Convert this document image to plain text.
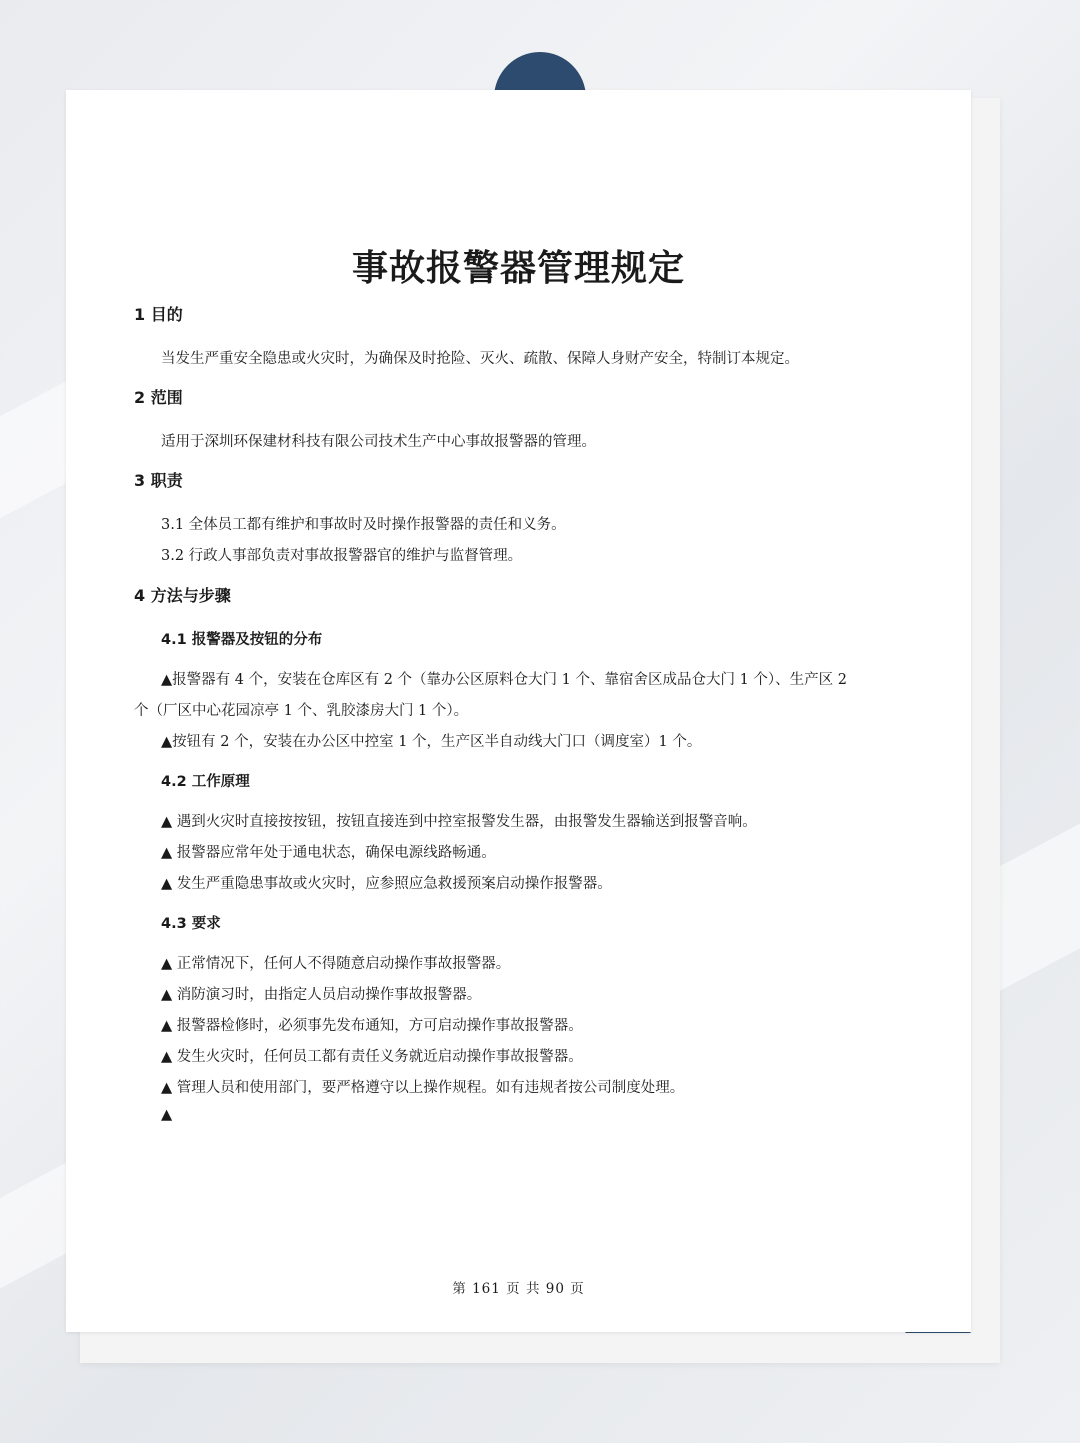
事故报警器管理规定
1 目的
当发生严重安全隐患或火灾时，为确保及时抢险、灭火、疏散、保障人身财产安全，特制订本规定。
2 范围
适用于深圳环保建材科技有限公司技术生产中心事故报警器的管理。
3 职责
3.1 全体员工都有维护和事故时及时操作报警器的责任和义务。
3.2 行政人事部负责对事故报警器官的维护与监督管理。
4 方法与步骤
4.1 报警器及按钮的分布
▲报警器有 4 个，安装在仓库区有 2 个（靠办公区原料仓大门 1 个、靠宿舍区成品仓大门 1 个）、生产区 2
个（厂区中心花园凉亭 1 个、乳胶漆房大门 1 个）。
▲按钮有 2 个，安装在办公区中控室 1 个，生产区半自动线大门口（调度室）1 个。
4.2 工作原理
▲ 遇到火灾时直接按按钮，按钮直接连到中控室报警发生器，由报警发生器输送到报警音响。
▲ 报警器应常年处于通电状态，确保电源线路畅通。
▲ 发生严重隐患事故或火灾时，应参照应急救援预案启动操作报警器。
4.3 要求
▲ 正常情况下，任何人不得随意启动操作事故报警器。
▲ 消防演习时，由指定人员启动操作事故报警器。
▲ 报警器检修时，必须事先发布通知，方可启动操作事故报警器。
▲ 发生火灾时，任何员工都有责任义务就近启动操作事故报警器。
▲ 管理人员和使用部门，要严格遵守以上操作规程。如有违规者按公司制度处理。
▲
第 161 页 共 90 页
